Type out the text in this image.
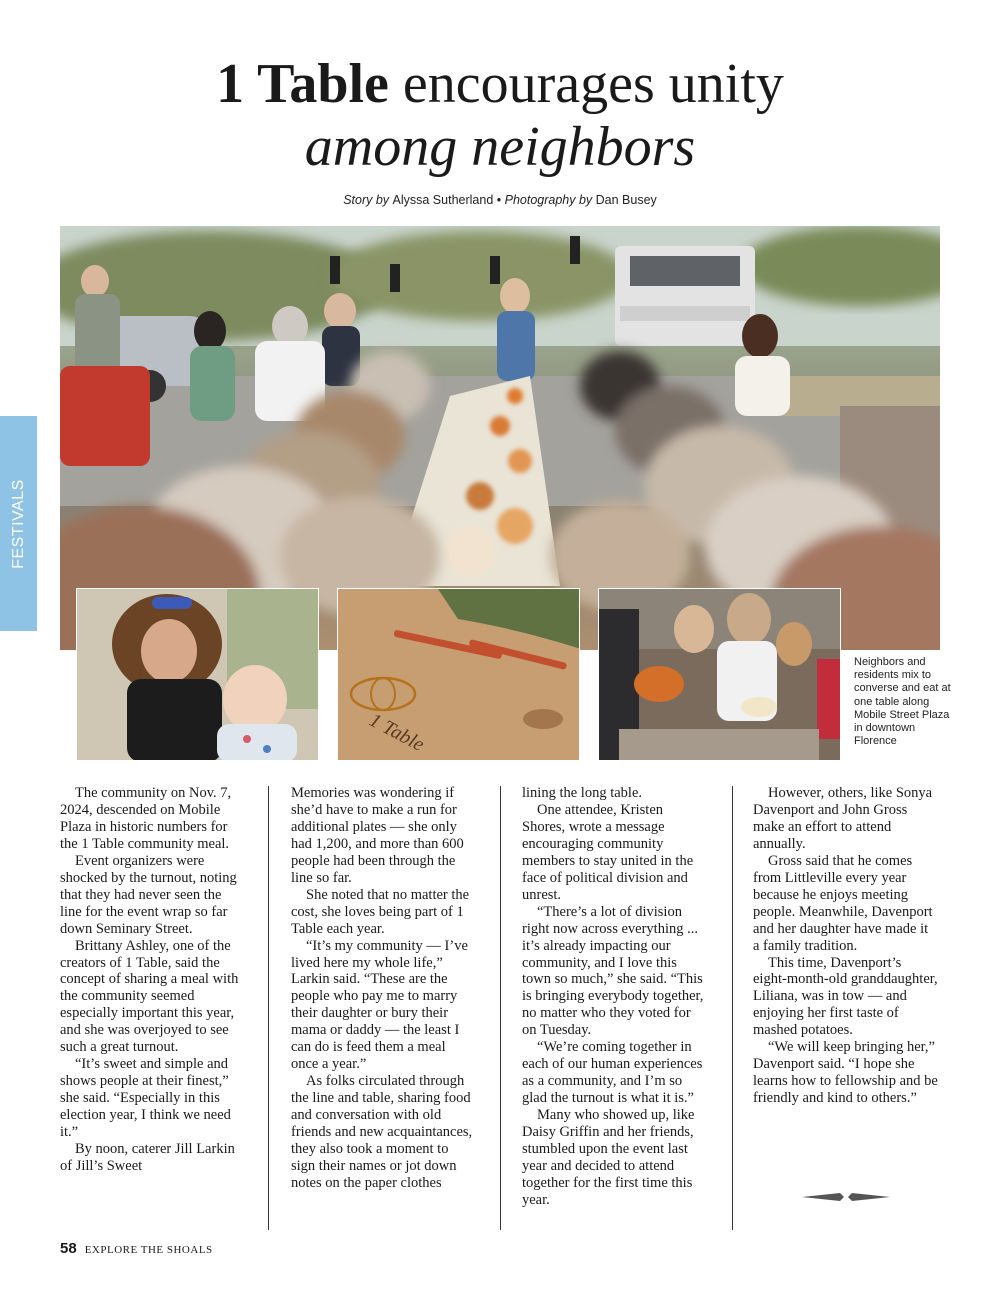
1 Table encourages unity
among neighbors
Story by Alyssa Sutherland • Photography by Dan Busey
FESTIVALS
1 Table
Neighbors and residents mix to converse and eat at one table along Mobile Street Plaza in downtown Florence

The community on Nov. 7, 2024, descended on Mobile Plaza in historic numbers for the 1 Table community meal.

Event organizers were shocked by the turnout, noting that they had never seen the line for the event wrap so far down Seminary Street.

Brittany Ashley, one of the creators of 1 Table, said the concept of sharing a meal with the community seemed especially important this year, and she was overjoyed to see such a great turnout.

“It’s sweet and simple and shows people at their finest,” she said. “Especially in this election year, I think we need it.”

By noon, caterer Jill Larkin of Jill’s Sweet

Memories was wondering if she’d have to make a run for additional plates — she only had 1,200, and more than 600 people had been through the line so far.

She noted that no matter the cost, she loves being part of 1 Table each year.

“It’s my community — I’ve lived here my whole life,” Larkin said. “These are the people who pay me to marry their daughter or bury their mama or daddy — the least I can do is feed them a meal once a year.”

As folks circulated through the line and table, sharing food and conversation with old friends and new acquaintances, they also took a moment to sign their names or jot down notes on the paper clothes

lining the long table.

One attendee, Kristen Shores, wrote a message encouraging community members to stay united in the face of political division and unrest.

“There’s a lot of division right now across everything ... it’s already impacting our community, and I love this town so much,” she said. “This is bringing everybody together, no matter who they voted for on Tuesday.

“We’re coming together in each of our human experiences as a community, and I’m so glad the turnout is what it is.”

Many who showed up, like Daisy Griffin and her friends, stumbled upon the event last year and decided to attend together for the first time this year.

However, others, like Sonya Davenport and John Gross make an effort to attend annually.

Gross said that he comes from Littleville every year because he enjoys meeting people. Meanwhile, Davenport and her daughter have made it a family tradition.

This time, Davenport’s eight-month-old granddaughter, Liliana, was in tow — and enjoying her first taste of mashed potatoes.

“We will keep bringing her,” Davenport said. “I hope she learns how to fellowship and be friendly and kind to others.”

58 EXPLORE THE SHOALS
